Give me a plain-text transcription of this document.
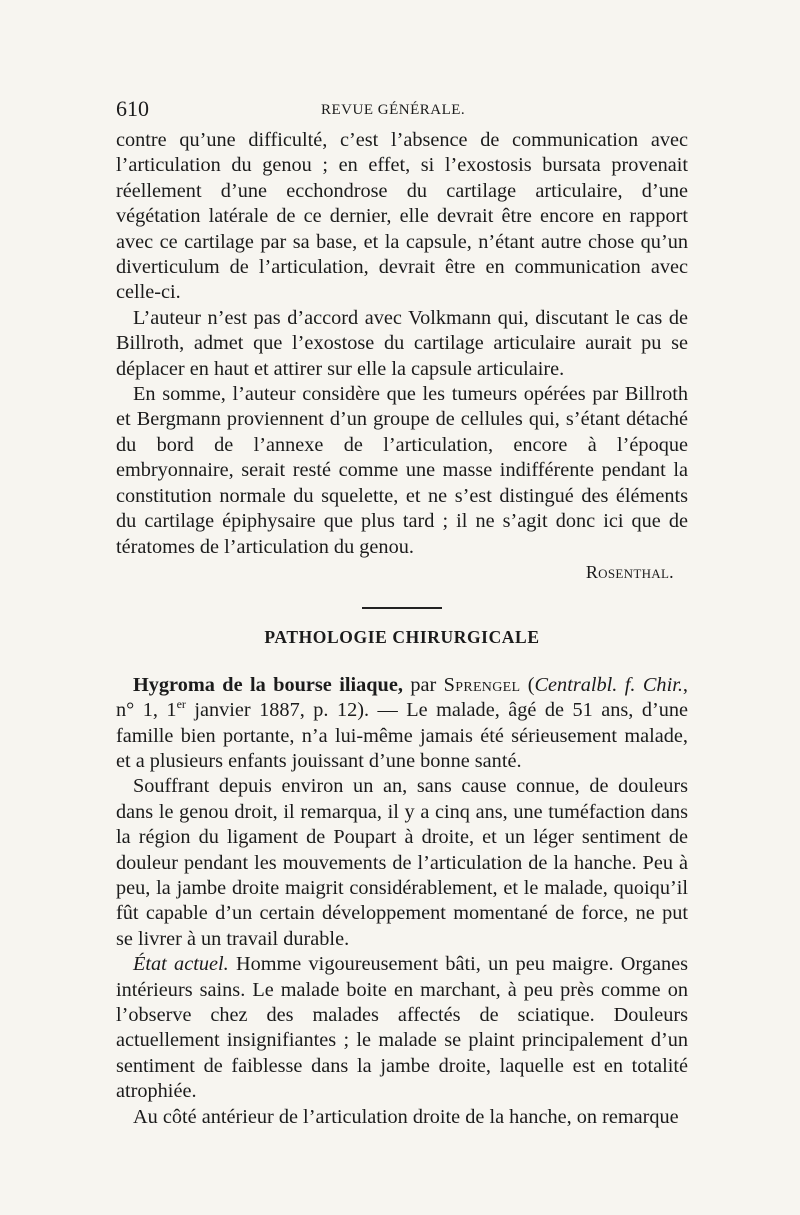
610	REVUE GÉNÉRALE.

contre qu’une difficulté, c’est l’absence de communication avec l’articulation du genou ; en effet, si l’exostosis bursata provenait réellement d’une ecchondrose du cartilage articulaire, d’une végétation latérale de ce dernier, elle devrait être encore en rapport avec ce cartilage par sa base, et la capsule, n’étant autre chose qu’un diverticulum de l’articulation, devrait être en communication avec celle-ci.

L’auteur n’est pas d’accord avec Volkmann qui, discutant le cas de Billroth, admet que l’exostose du cartilage articulaire aurait pu se déplacer en haut et attirer sur elle la capsule articulaire.

En somme, l’auteur considère que les tumeurs opérées par Billroth et Bergmann proviennent d’un groupe de cellules qui, s’étant détaché du bord de l’annexe de l’articulation, encore à l’époque embryonnaire, serait resté comme une masse indifférente pendant la constitution normale du squelette, et ne s’est distingué des éléments du cartilage épiphysaire que plus tard ; il ne s’agit donc ici que de tératomes de l’articulation du genou.

Rosenthal.

PATHOLOGIE CHIRURGICALE

Hygroma de la bourse iliaque, par Sprengel (Centralbl. f. Chir., n° 1, 1er janvier 1887, p. 12). — Le malade, âgé de 51 ans, d’une famille bien portante, n’a lui-même jamais été sérieusement malade, et a plusieurs enfants jouissant d’une bonne santé.

Souffrant depuis environ un an, sans cause connue, de douleurs dans le genou droit, il remarqua, il y a cinq ans, une tuméfaction dans la région du ligament de Poupart à droite, et un léger sentiment de douleur pendant les mouvements de l’articulation de la hanche. Peu à peu, la jambe droite maigrit considérablement, et le malade, quoiqu’il fût capable d’un certain développement momentané de force, ne put se livrer à un travail durable.

État actuel. Homme vigoureusement bâti, un peu maigre. Organes intérieurs sains. Le malade boite en marchant, à peu près comme on l’observe chez des malades affectés de sciatique. Douleurs actuellement insignifiantes ; le malade se plaint principalement d’un sentiment de faiblesse dans la jambe droite, laquelle est en totalité atrophiée.

Au côté antérieur de l’articulation droite de la hanche, on remarque
